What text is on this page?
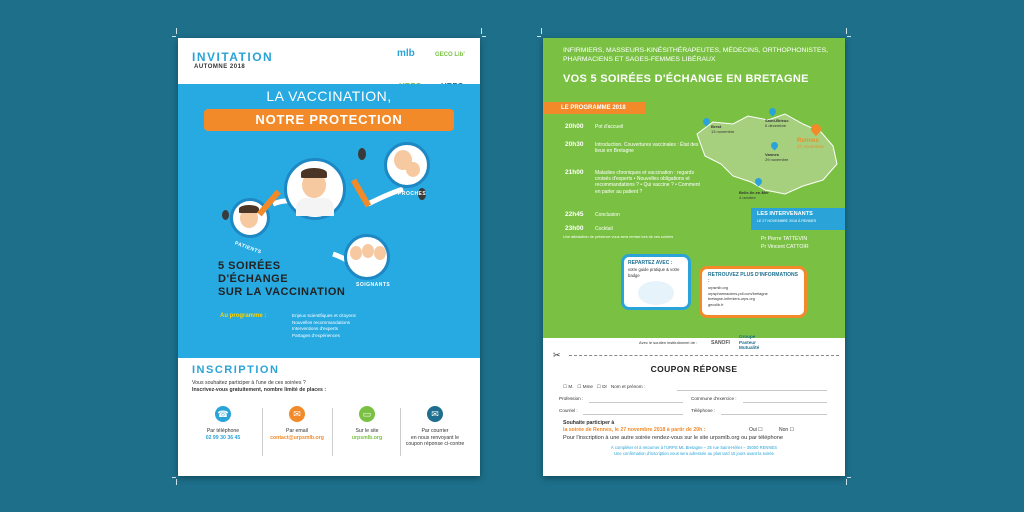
INVITATION
AUTOMNE 2018
mlb	GECO Lib'
LA VACCINATION,
NOTRE PROTECTION
PATIENTS
PROCHES
SOIGNANTS
5 SOIRÉES
D'ÉCHANGE
SUR LA VACCINATION
Au programme :	Enjeux scientifiques et citoyens
Nouvelles recommandations
Interventions d'experts
Partages d'expériences
INSCRIPTION
Vous souhaitez participer à l'une de ces soirées ?
Inscrivez-vous gratuitement, nombre limité de places :
☎
Par téléphone
02 99 30 36 45
✉
Par email
contact@urpsmlb.org
▭
Sur le site
urpsmlb.org
✉
Par courrier
en nous renvoyant le coupon réponse ci-contre
INFIRMIERS, MASSEURS-KINÉSITHÉRAPEUTES, MÉDECINS, ORTHOPHONISTES, PHARMACIENS ET SAGES-FEMMES LIBÉRAUX
VOS 5 SOIRÉES D'ÉCHANGE EN BRETAGNE
LE PROGRAMME 2018
Brest
13 novembre
Saint-Brieuc
6 décembre
Vannes
29 novembre
Rennes
27 novembre
Belle-Ile-en-Mer
4 octobre
20h00	Pot d'accueil
20h30	Introduction. Couvertures vaccinales : État des lieux en Bretagne
21h00	Maladies chroniques et vaccination : regards croisés d'experts • Nouvelles obligations et recommandations ? • Qui vaccine ? • Comment en parler au patient ?
22h45	Conclusion
23h00	Cocktail
Une attestation de présence vous sera remise lors de ces soirées
LES INTERVENANTS
LE 27 NOVEMBRE 2018 À RENNES
Pr Pierre TATTEVIN
Pr Vincent CATTOIR
REPARTEZ AVEC :
votre guide pratique & votre badge	RETROUVEZ PLUS D'INFORMATIONS :
urpsmlb.org
urpspharmaciens-pdl.com/bretagne
bretagne-infirmiers-urps.org
gecolib.fr
Avec le soutien institutionnel de :	SANOFI
Groupe Pasteur Mutualité
✂
COUPON RÉPONSE
☐ M.   ☐ Mme   ☐ Dr Nom et prénom :
Profession :	Commune d'exercice :
Courriel :	Téléphone :
Souhaite participer à
la soirée de Rennes, le 27 novembre 2018 à partir de 20h :	Oui ☐	Non ☐
Pour l'inscription à une autre soirée rendez-vous sur le site urpsmlb.org ou par téléphone
À compléter et à retourner à l'URPS ML Bretagne – 25 rue Saint-Hélier – 35000 RENNES
Une confirmation d'inscription vous sera adressée au plus tard 15 jours avant la soirée
